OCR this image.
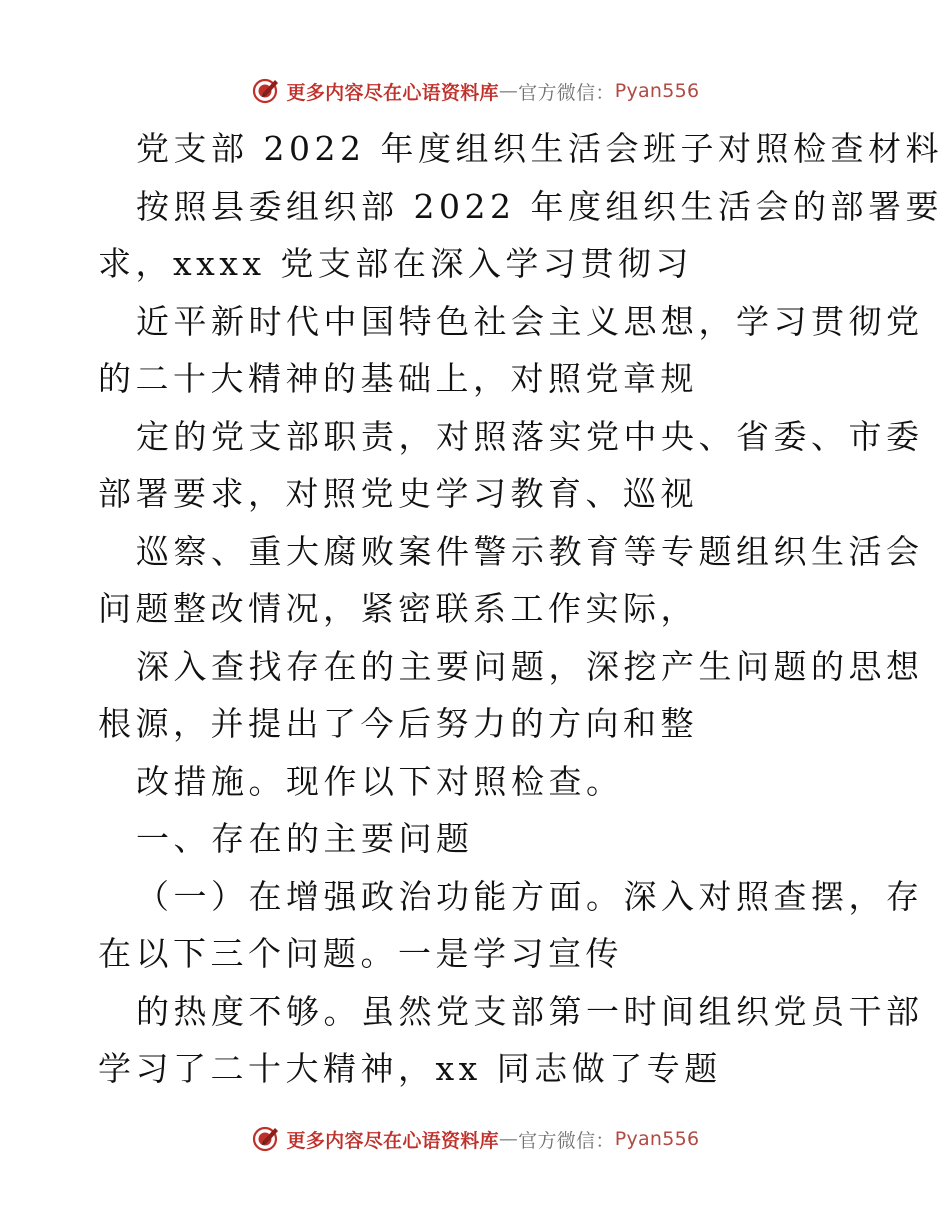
更多内容尽在心语资料库 — 官方微信： Pyan556
党支部 2022 年度组织生活会班子对照检查材料
按照县委组织部 2022 年度组织生活会的部署要
求，xxxx 党支部在深入学习贯彻习
近平新时代中国特色社会主义思想，学习贯彻党
的二十大精神的基础上，对照党章规
定的党支部职责，对照落实党中央、省委、市委
部署要求，对照党史学习教育、巡视
巡察、重大腐败案件警示教育等专题组织生活会
问题整改情况，紧密联系工作实际，
深入查找存在的主要问题，深挖产生问题的思想
根源，并提出了今后努力的方向和整
改措施。现作以下对照检查。
一、存在的主要问题
（一）在增强政治功能方面。深入对照查摆，存
在以下三个问题。一是学习宣传
的热度不够。虽然党支部第一时间组织党员干部
学习了二十大精神，xx 同志做了专题
更多内容尽在心语资料库 — 官方微信： Pyan556
